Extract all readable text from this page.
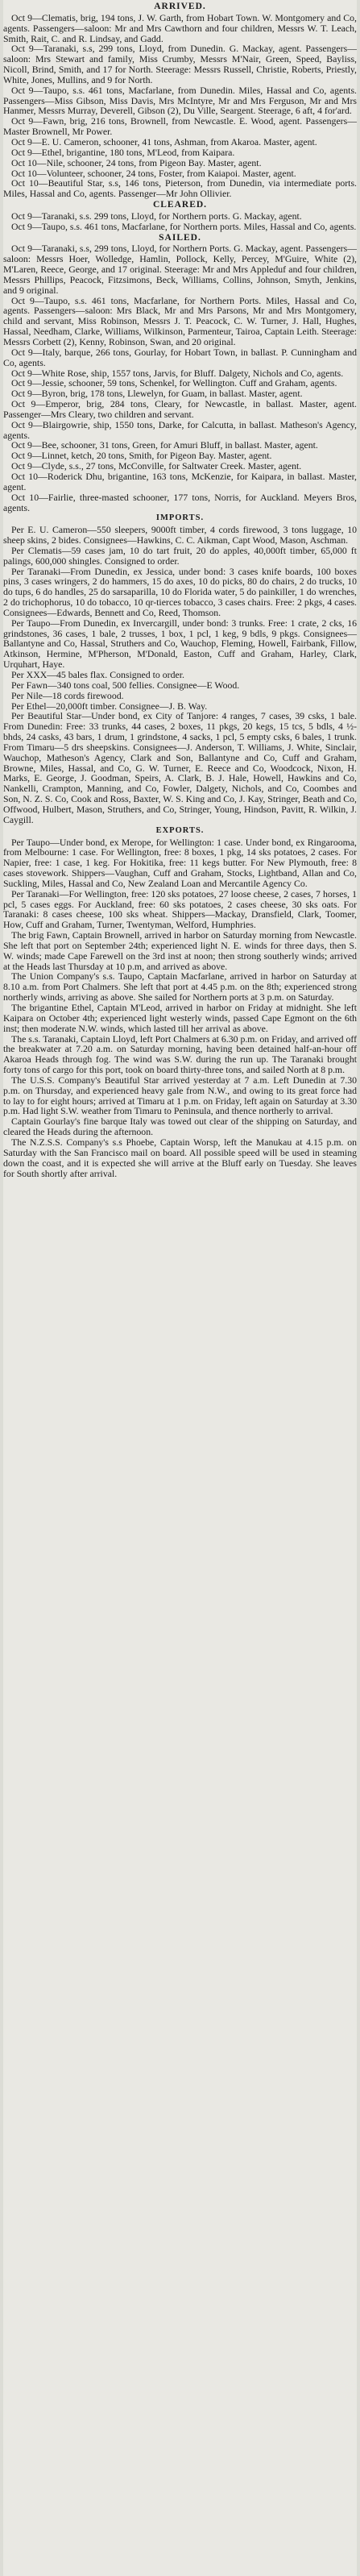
ARRIVED.

Oct 9—Clematis, brig, 194 tons, J. W. Garth, from Hobart Town. W. Montgomery and Co, agents. Passengers—saloon: Mr and Mrs Cawthorn and four children, Messrs W. T. Leach, Smith, Rait, C. and R. Lindsay, and Gadd.

Oct 9—Taranaki, s.s, 299 tons, Lloyd, from Dunedin. G. Mackay, agent. Passengers—saloon: Mrs Stewart and family, Miss Crumby, Messrs M'Nair, Green, Speed, Bayliss, Nicoll, Brind, Smith, and 17 for North. Steerage: Messrs Russell, Christie, Roberts, Priestly, White, Jones, Mullins, and 9 for North.

Oct 9—Taupo, s.s. 461 tons, Macfarlane, from Dunedin. Miles, Hassal and Co, agents. Passengers—Miss Gibson, Miss Davis, Mrs McIntyre, Mr and Mrs Ferguson, Mr and Mrs Hanmer, Messrs Murray, Deverell, Gibson (2), Du Ville, Seargent. Steerage, 6 aft, 4 for'ard.

Oct 9—Fawn, brig, 216 tons, Brownell, from Newcastle. E. Wood, agent. Passengers—Master Brownell, Mr Power.

Oct 9—E. U. Cameron, schooner, 41 tons, Ashman, from Akaroa. Master, agent.

Oct 9—Ethel, brigantine, 180 tons, M'Leod, from Kaipara.

Oct 10—Nile, schooner, 24 tons, from Pigeon Bay. Master, agent.

Oct 10—Volunteer, schooner, 24 tons, Foster, from Kaiapoi. Master, agent.

Oct 10—Beautiful Star, s.s, 146 tons, Pieterson, from Dunedin, via intermediate ports. Miles, Hassal and Co, agents. Passenger—Mr John Ollivier.

CLEARED.

Oct 9—Taranaki, s.s. 299 tons, Lloyd, for Northern ports. G. Mackay, agent.

Oct 9—Taupo, s.s. 461 tons, Macfarlane, for Northern ports. Miles, Hassal and Co, agents.

SAILED.

Oct 9—Taranaki, s.s, 299 tons, Lloyd, for Northern Ports. G. Mackay, agent. Passengers—saloon: Messrs Hoer, Wolledge, Hamlin, Pollock, Kelly, Percey, M'Guire, White (2), M'Laren, Reece, George, and 17 original. Steerage: Mr and Mrs Appleduf and four children, Messrs Phillips, Peacock, Fitzsimons, Beck, Williams, Collins, Johnson, Smyth, Jenkins, and 9 original.

Oct 9—Taupo, s.s. 461 tons, Macfarlane, for Northern Ports. Miles, Hassal and Co, agents. Passengers—saloon: Mrs Black, Mr and Mrs Parsons, Mr and Mrs Montgomery, child and servant, Miss Robinson, Messrs J. T. Peacock, C. W. Turner, J. Hall, Hughes, Hassal, Needham, Clarke, Williams, Wilkinson, Parmenteur, Tairoa, Captain Leith. Steerage: Messrs Corbett (2), Kenny, Robinson, Swan, and 20 original.

Oct 9—Italy, barque, 266 tons, Gourlay, for Hobart Town, in ballast. P. Cunningham and Co, agents.

Oct 9—White Rose, ship, 1557 tons, Jarvis, for Bluff. Dalgety, Nichols and Co, agents.

Oct 9—Jessie, schooner, 59 tons, Schenkel, for Wellington. Cuff and Graham, agents.

Oct 9—Byron, brig, 178 tons, Llewelyn, for Guam, in ballast. Master, agent.

Oct 9—Emperor, brig, 284 tons, Cleary, for Newcastle, in ballast. Master, agent. Passenger—Mrs Cleary, two children and servant.

Oct 9—Blairgowrie, ship, 1550 tons, Darke, for Calcutta, in ballast. Matheson's Agency, agents.

Oct 9—Bee, schooner, 31 tons, Green, for Amuri Bluff, in ballast. Master, agent.

Oct 9—Linnet, ketch, 20 tons, Smith, for Pigeon Bay. Master, agent.

Oct 9—Clyde, s.s., 27 tons, McConville, for Saltwater Creek. Master, agent.

Oct 10—Roderick Dhu, brigantine, 163 tons, McKenzie, for Kaipara, in ballast. Master, agent.

Oct 10—Fairlie, three-masted schooner, 177 tons, Norris, for Auckland. Meyers Bros, agents.

IMPORTS.

Per E. U. Cameron—550 sleepers, 9000ft timber, 4 cords firewood, 3 tons luggage, 10 sheep skins, 2 bides. Consignees—Hawkins, C. C. Aikman, Capt Wood, Mason, Aschman.

Per Clematis—59 cases jam, 10 do tart fruit, 20 do apples, 40,000ft timber, 65,000 ft palings, 600,000 shingles. Consigned to order.

Per Taranaki—From Dunedin, ex Jessica, under bond: 3 cases knife boards, 100 boxes pins, 3 cases wringers, 2 do hammers, 15 do axes, 10 do picks, 80 do chairs, 2 do trucks, 10 do tups, 6 do handles, 25 do sarsaparilla, 10 do Florida water, 5 do painkiller, 1 do wrenches, 2 do trichophorus, 10 do tobacco, 10 qr-tierces tobacco, 3 cases chairs. Free: 2 pkgs, 4 cases. Consignees—Edwards, Bennett and Co, Reed, Thomson.

Per Taupo—From Dunedin, ex Invercargill, under bond: 3 trunks. Free: 1 crate, 2 cks, 16 grindstones, 36 cases, 1 bale, 2 trusses, 1 box, 1 pcl, 1 keg, 9 bdls, 9 pkgs. Consignees—Ballantyne and Co, Hassal, Struthers and Co, Wauchop, Fleming, Howell, Fairbank, Fillow, Atkinson, Hermine, M'Pherson, M'Donald, Easton, Cuff and Graham, Harley, Clark, Urquhart, Haye.

Per XXX—45 bales flax. Consigned to order.

Per Fawn—340 tons coal, 500 fellies. Consignee—E Wood.

Per Nile—18 cords firewood.

Per Ethel—20,000ft timber. Consignee—J. B. Way.

Per Beautiful Star—Under bond, ex City of Tanjore: 4 ranges, 7 cases, 39 csks, 1 bale. From Dunedin: Free: 33 trunks, 44 cases, 2 boxes, 11 pkgs, 20 kegs, 15 tcs, 5 bdls, 4 ½-bhds, 24 casks, 43 bars, 1 drum, 1 grindstone, 4 sacks, 1 pcl, 5 empty csks, 6 bales, 1 trunk. From Timaru—5 drs sheepskins. Consignees—J. Anderson, T. Williams, J. White, Sinclair, Wauchop, Matheson's Agency, Clark and Son, Ballantyne and Co, Cuff and Graham, Browne, Miles, Hassal, and Co, G. W. Turner, E. Reece and Co, Woodcock, Nixon, H. Marks, E. George, J. Goodman, Speirs, A. Clark, B. J. Hale, Howell, Hawkins and Co, Nankelli, Crampton, Manning, and Co, Fowler, Dalgety, Nichols, and Co, Coombes and Son, N. Z. S. Co, Cook and Ross, Baxter, W. S. King and Co, J. Kay, Stringer, Beath and Co, Offwood, Hulbert, Mason, Struthers, and Co, Stringer, Young, Hindson, Pavitt, R. Wilkin, J. Caygill.

EXPORTS.

Per Taupo—Under bond, ex Merope, for Wellington: 1 case. Under bond, ex Ringarooma, from Melbourne: 1 case. For Wellington, free: 8 boxes, 1 pkg, 14 sks potatoes, 2 cases. For Napier, free: 1 case, 1 keg. For Hokitika, free: 11 kegs butter. For New Plymouth, free: 8 cases stovework. Shippers—Vaughan, Cuff and Graham, Stocks, Lightband, Allan and Co, Suckling, Miles, Hassal and Co, New Zealand Loan and Mercantile Agency Co.

Per Taranaki—For Wellington, free: 120 sks potatoes, 27 loose cheese, 2 cases, 7 horses, 1 pcl, 5 cases eggs. For Auckland, free: 60 sks potatoes, 2 cases cheese, 30 sks oats. For Taranaki: 8 cases cheese, 100 sks wheat. Shippers—Mackay, Dransfield, Clark, Toomer, How, Cuff and Graham, Turner, Twentyman, Welford, Humphries.

The brig Fawn, Captain Brownell, arrived in harbor on Saturday morning from Newcastle. She left that port on September 24th; experienced light N. E. winds for three days, then S. W. winds; made Cape Farewell on the 3rd inst at noon; then strong southerly winds; arrived at the Heads last Thursday at 10 p.m, and arrived as above.

The Union Company's s.s. Taupo, Captain Macfarlane, arrived in harbor on Saturday at 8.10 a.m. from Port Chalmers. She left that port at 4.45 p.m. on the 8th; experienced strong northerly winds, arriving as above. She sailed for Northern ports at 3 p.m. on Saturday.

The brigantine Ethel, Captain M'Leod, arrived in harbor on Friday at midnight. She left Kaipara on October 4th; experienced light westerly winds, passed Cape Egmont on the 6th inst; then moderate N.W. winds, which lasted till her arrival as above.

The s.s. Taranaki, Captain Lloyd, left Port Chalmers at 6.30 p.m. on Friday, and arrived off the breakwater at 7.20 a.m. on Saturday morning, having been detained half-an-hour off Akaroa Heads through fog. The wind was S.W. during the run up. The Taranaki brought forty tons of cargo for this port, took on board thirty-three tons, and sailed North at 8 p.m.

The U.S.S. Company's Beautiful Star arrived yesterday at 7 a.m. Left Dunedin at 7.30 p.m. on Thursday, and experienced heavy gale from N.W., and owing to its great force had to lay to for eight hours; arrived at Timaru at 1 p.m. on Friday, left again on Saturday at 3.30 p.m. Had light S.W. weather from Timaru to Peninsula, and thence northerly to arrival.

Captain Gourlay's fine barque Italy was towed out clear of the shipping on Saturday, and cleared the Heads during the afternoon.

The N.Z.S.S. Company's s.s Phoebe, Captain Worsp, left the Manukau at 4.15 p.m. on Saturday with the San Francisco mail on board. All possible speed will be used in steaming down the coast, and it is expected she will arrive at the Bluff early on Tuesday. She leaves for South shortly after arrival.
